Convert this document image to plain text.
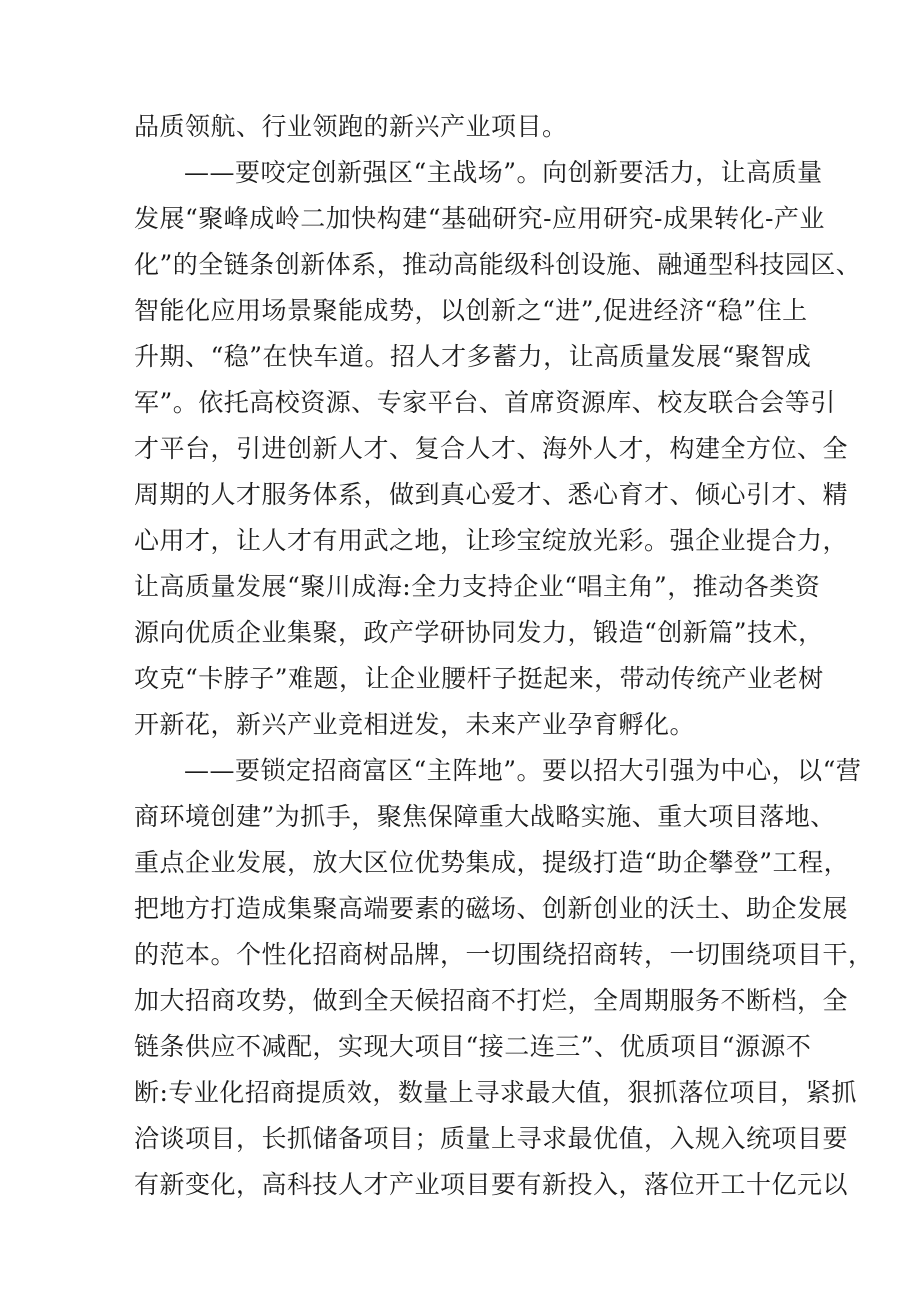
品质领航、行业领跑的新兴产业项目。
——要咬定创新强区“主战场”。向创新要活力，让高质量
发展“聚峰成岭二加快构建“基础研究-应用研究-成果转化-产业
化”的全链条创新体系，推动高能级科创设施、融通型科技园区、
智能化应用场景聚能成势，以创新之“进”,促进经济“稳”住上
升期、“稳”在快车道。招人才多蓄力，让高质量发展“聚智成
军”。依托高校资源、专家平台、首席资源库、校友联合会等引
才平台，引进创新人才、复合人才、海外人才，构建全方位、全
周期的人才服务体系，做到真心爱才、悉心育才、倾心引才、精
心用才，让人才有用武之地，让珍宝绽放光彩。强企业提合力，
让高质量发展“聚川成海:全力支持企业“唱主角”，推动各类资
源向优质企业集聚，政产学研协同发力，锻造“创新篇”技术，
攻克“卡脖子”难题，让企业腰杆子挺起来，带动传统产业老树
开新花，新兴产业竞相迸发，未来产业孕育孵化。
——要锁定招商富区“主阵地”。要以招大引强为中心，以“营
商环境创建”为抓手，聚焦保障重大战略实施、重大项目落地、
重点企业发展，放大区位优势集成，提级打造“助企攀登”工程，
把地方打造成集聚高端要素的磁场、创新创业的沃土、助企发展
的范本。个性化招商树品牌，一切围绕招商转，一切围绕项目干，
加大招商攻势，做到全天候招商不打烂，全周期服务不断档，全
链条供应不减配，实现大项目“接二连三”、优质项目“源源不
断:专业化招商提质效，数量上寻求最大值，狠抓落位项目，紧抓
洽谈项目，长抓储备项目；质量上寻求最优值，入规入统项目要
有新变化，高科技人才产业项目要有新投入，落位开工十亿元以
